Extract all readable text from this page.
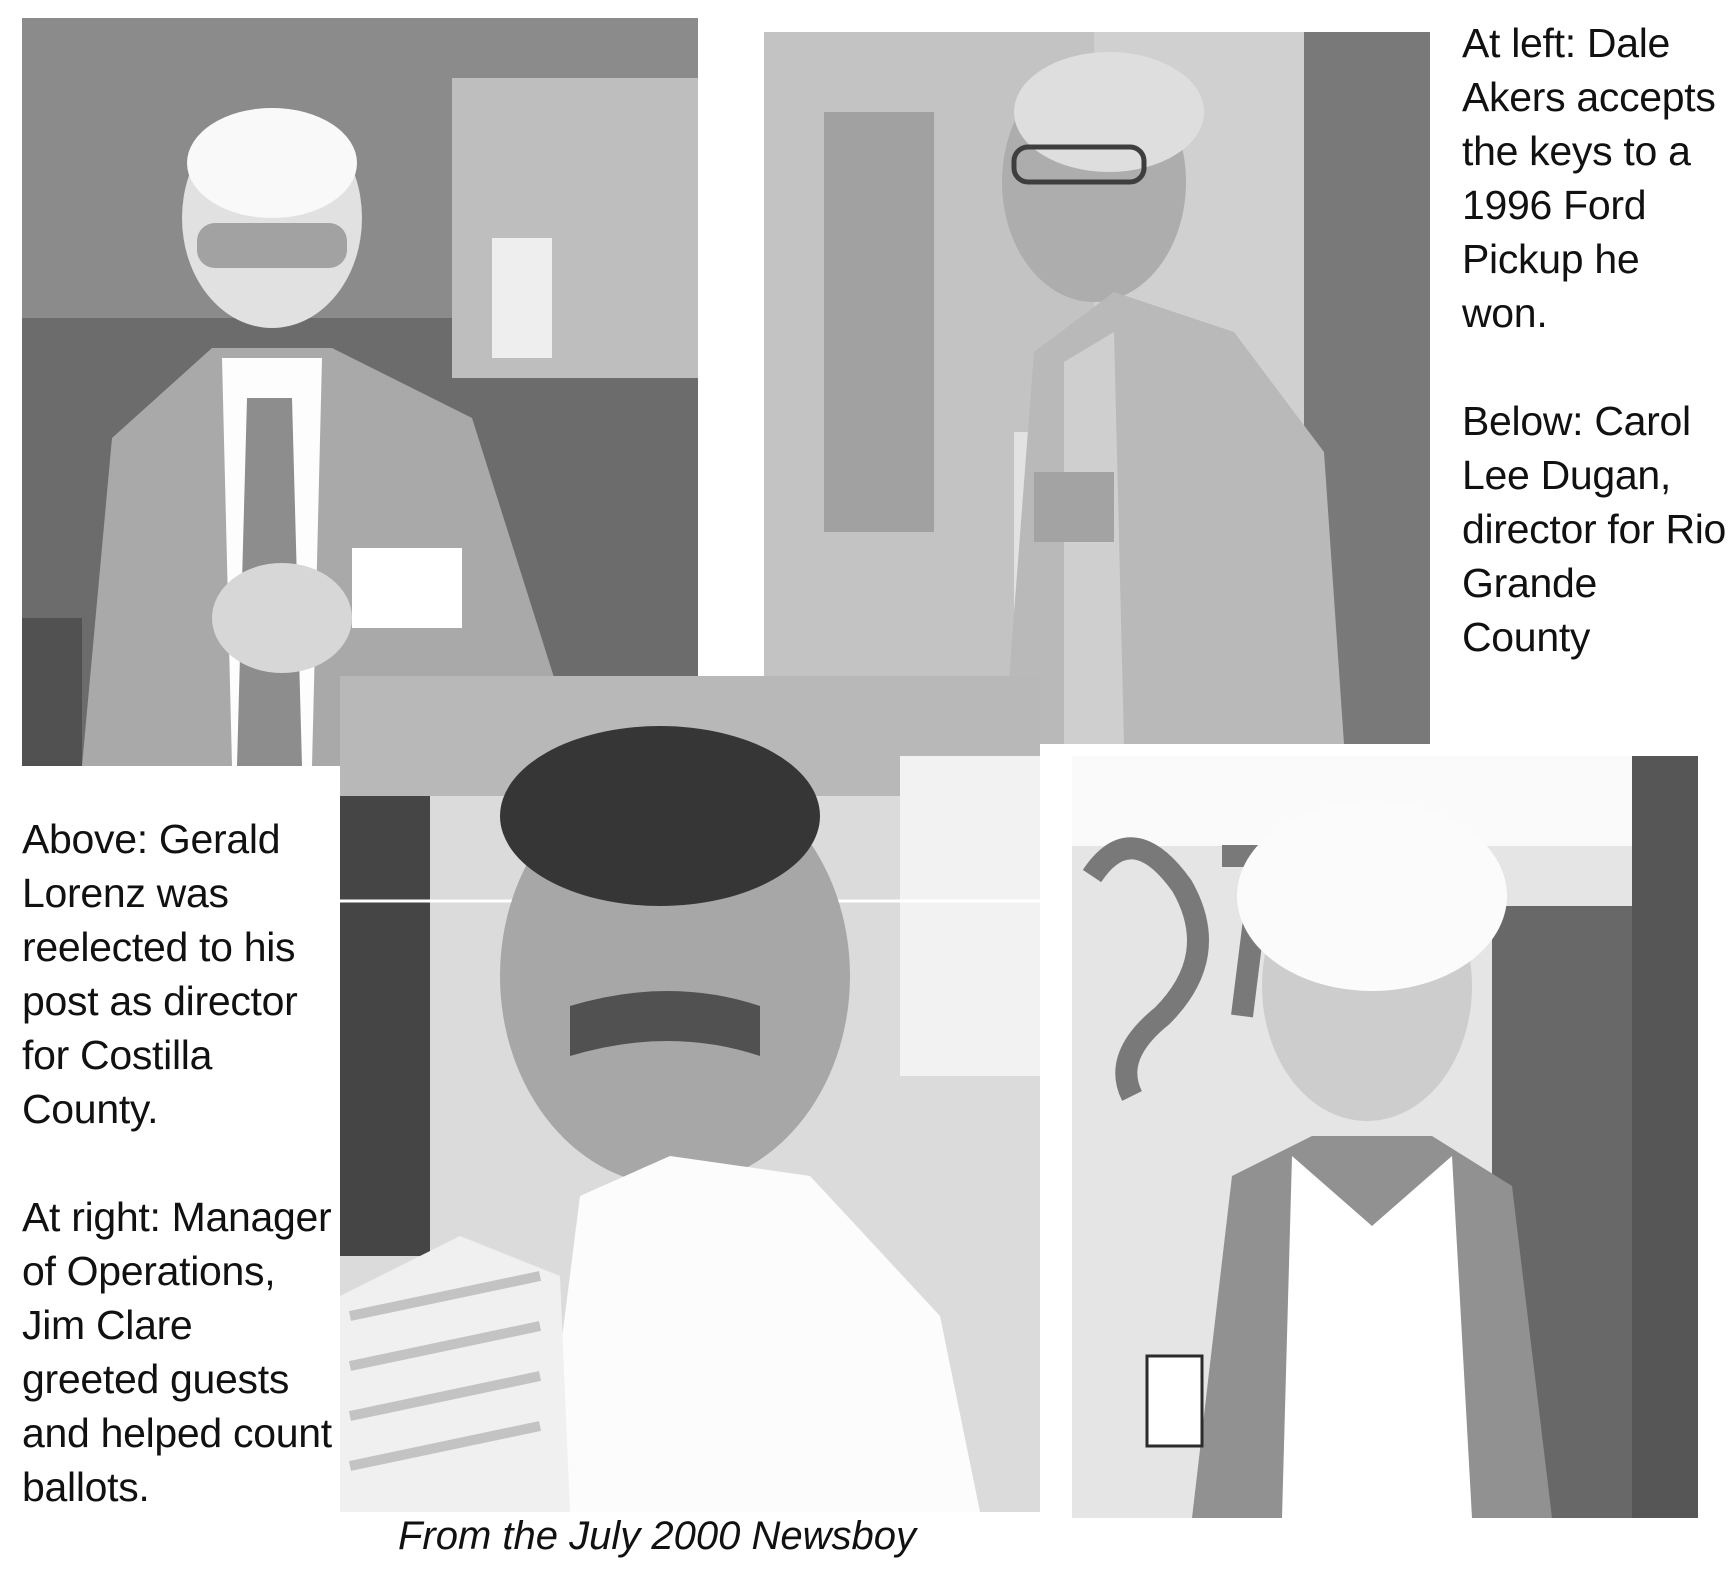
At left: Dale Akers accepts the keys to a 1996 Ford Pickup he won.
Below: Carol Lee Dugan, director for Rio Grande County
Above: Gerald Lorenz was reelected to his post as director for Costilla County.
At right: Manager of Operations, Jim Clare greeted guests and helped count ballots.
From the July 2000 Newsboy
